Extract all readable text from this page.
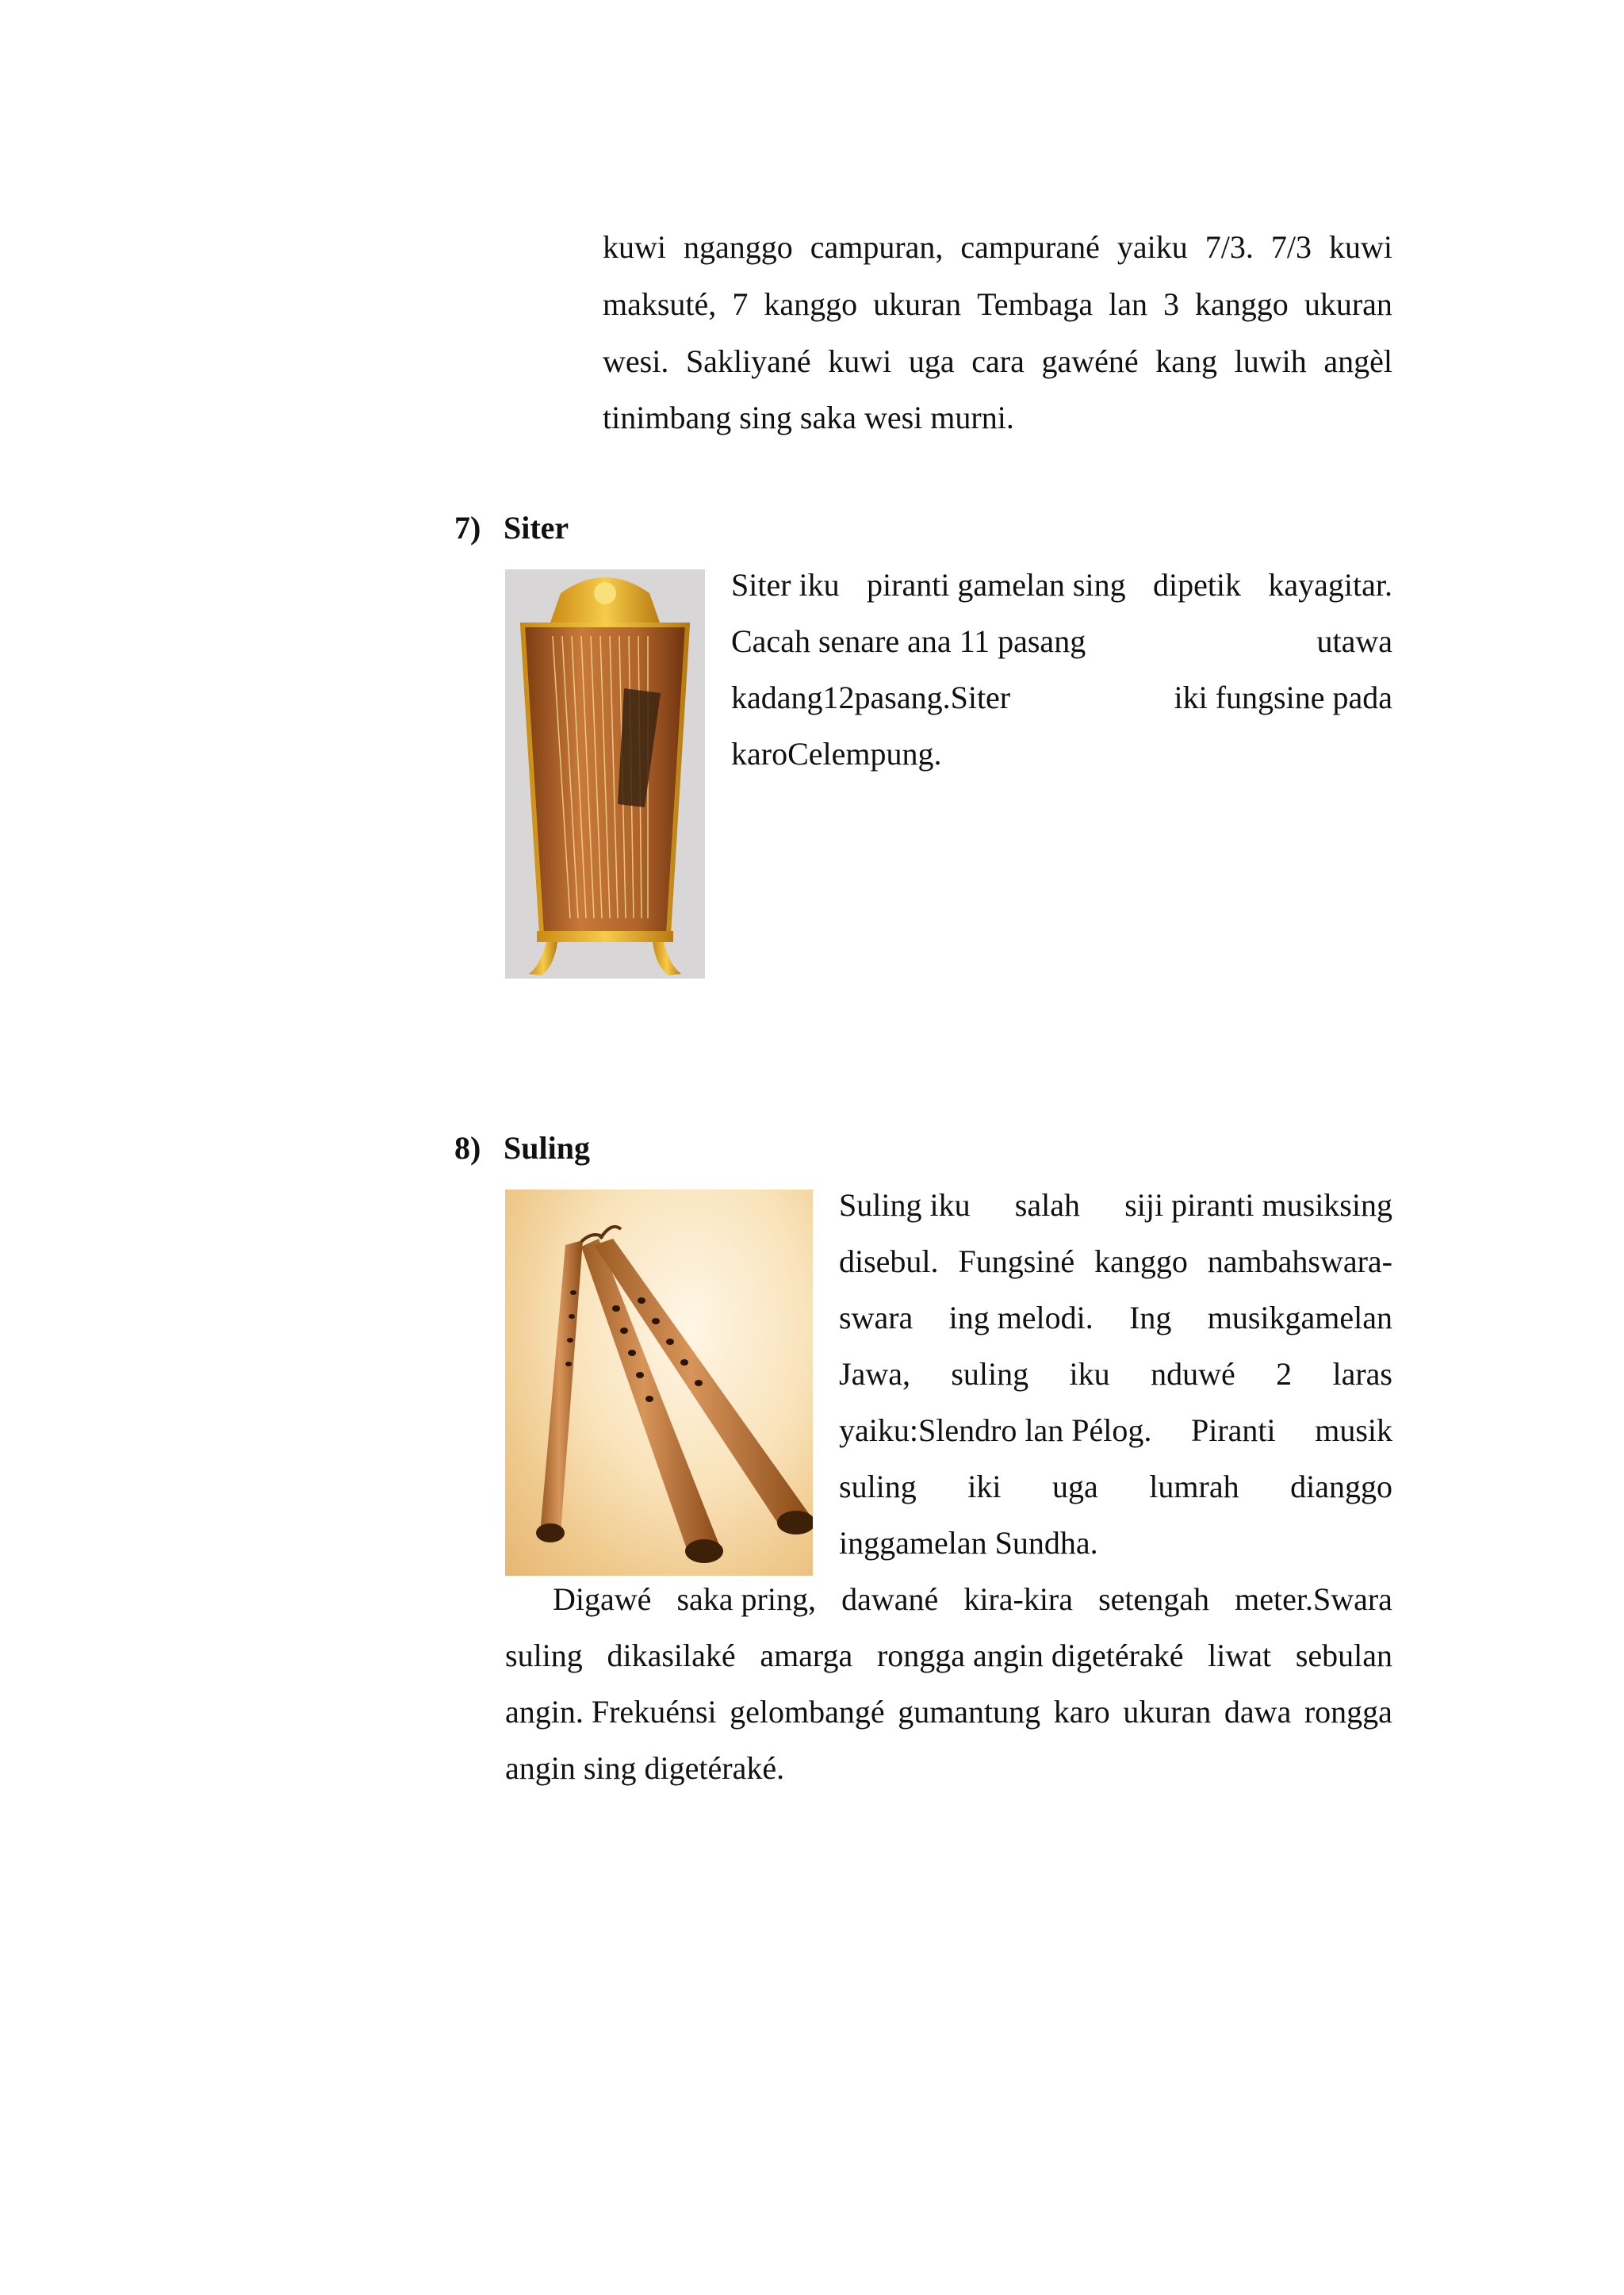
kuwi nganggo campuran, campurané yaiku 7/3. 7/3 kuwi
maksuté, 7 kanggo ukuran Tembaga lan 3 kanggo ukuran
wesi. Sakliyané kuwi uga cara gawéné kang luwih angèl
tinimbang sing saka wesi murni.
7) Siter
Siter iku piranti gamelan sing dipetik kayagitar.
Cacah senare ana 11 pasang	utawa
kadang12pasang.Siter	iki fungsine pada
karoCelempung.
8) Suling
Suling iku salah siji piranti musiksing
disebul. Fungsiné kanggo nambahswara-
swara ing melodi. Ing musikgamelan
Jawa, suling iku nduwé 2 laras
yaiku:Slendro lan Pélog. Piranti musik
suling iki uga lumrah dianggo
inggamelan Sundha.
Digawé saka pring, dawané kira-kira setengah meter.Swara
suling dikasilaké amarga rongga angin digetéraké liwat sebulan
angin. Frekuénsi gelombangé gumantung karo ukuran dawa rongga
angin sing digetéraké.
